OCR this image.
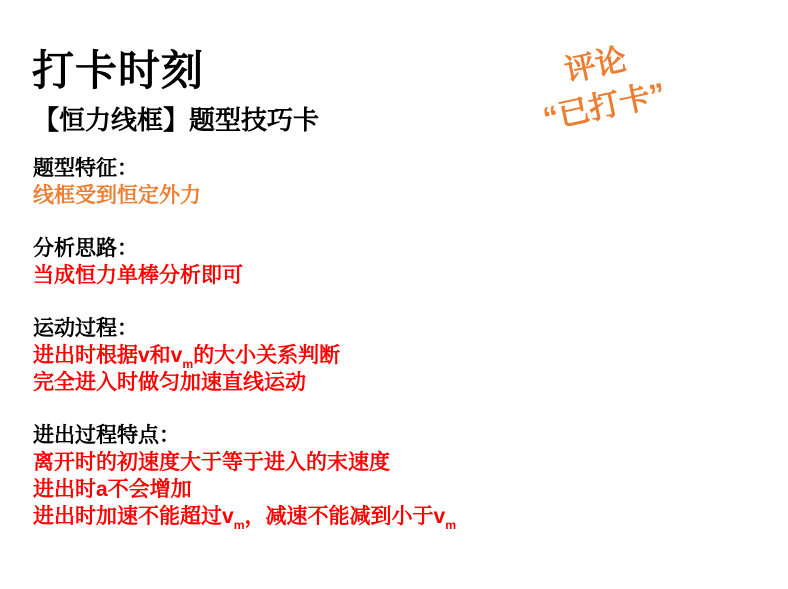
打卡时刻
【恒力线框】题型技巧卡
评论
“已打卡”
题型特征：
线框受到恒定外力
分析思路：
当成恒力单棒分析即可
运动过程：
进出时根据v和$v_m$的大小关系判断
完全进入时做匀加速直线运动
进出过程特点：
离开时的初速度大于等于进入的末速度
进出时a不会增加
进出时加速不能超过$v_m$，减速不能减到小于$v_m$
